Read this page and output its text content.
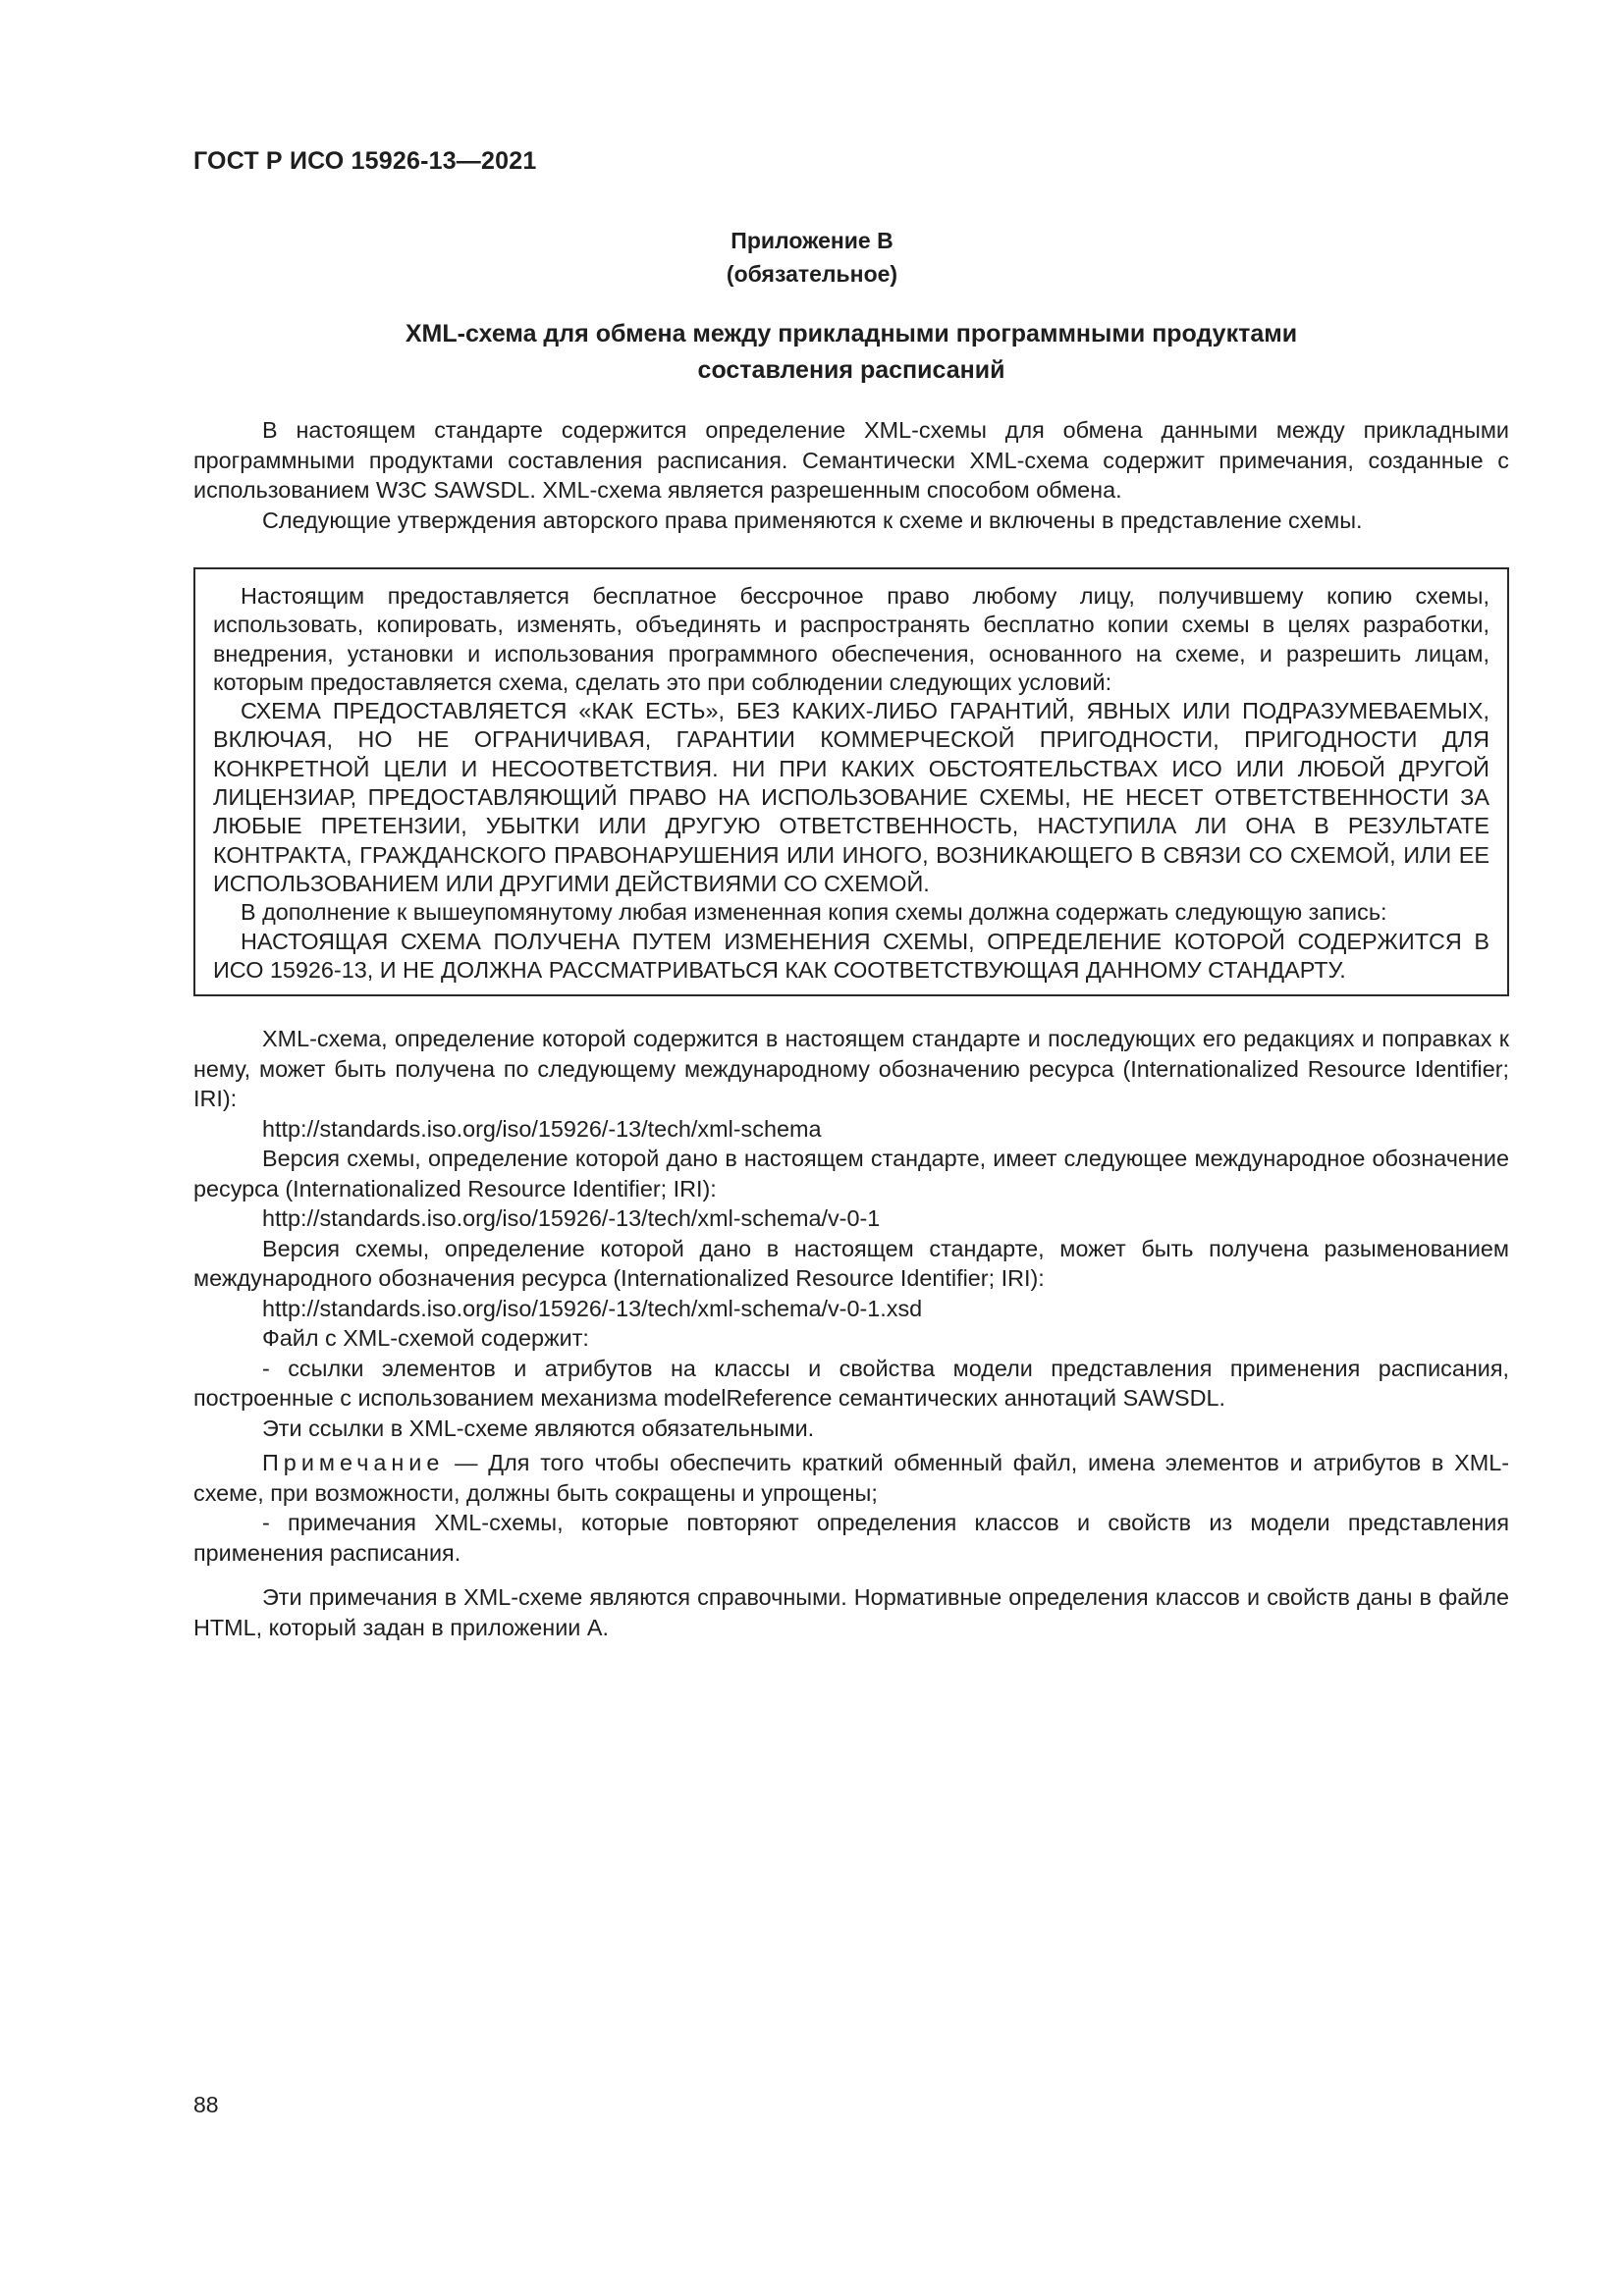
ГОСТ Р ИСО 15926-13—2021
Приложение В
(обязательное)
XML-схема для обмена между прикладными программными продуктами
составления расписаний

В настоящем стандарте содержится определение XML-схемы для обмена данными между прикладными программными продуктами составления расписания. Семантически XML-схема содержит примечания, созданные с использованием W3C SAWSDL. XML-схема является разрешенным способом обмена.

Следующие утверждения авторского права применяются к схеме и включены в представление схемы.

Настоящим предоставляется бесплатное бессрочное право любому лицу, получившему копию схемы, использовать, копировать, изменять, объединять и распространять бесплатно копии схемы в целях разработки, внедрения, установки и использования программного обеспечения, основанного на схеме, и разрешить лицам, которым предоставляется схема, сделать это при соблюдении следующих условий:

СХЕМА ПРЕДОСТАВЛЯЕТСЯ «КАК ЕСТЬ», БЕЗ КАКИХ-ЛИБО ГАРАНТИЙ, ЯВНЫХ ИЛИ ПОДРАЗУМЕВАЕМЫХ, ВКЛЮЧАЯ, НО НЕ ОГРАНИЧИВАЯ, ГАРАНТИИ КОММЕРЧЕСКОЙ ПРИГОДНОСТИ, ПРИГОДНОСТИ ДЛЯ КОНКРЕТНОЙ ЦЕЛИ И НЕСООТВЕТСТВИЯ. НИ ПРИ КАКИХ ОБСТОЯТЕЛЬСТВАХ ИСО ИЛИ ЛЮБОЙ ДРУГОЙ ЛИЦЕНЗИАР, ПРЕДОСТАВЛЯЮЩИЙ ПРАВО НА ИСПОЛЬЗОВАНИЕ СХЕМЫ, НЕ НЕСЕТ ОТВЕТСТВЕННОСТИ ЗА ЛЮБЫЕ ПРЕТЕНЗИИ, УБЫТКИ ИЛИ ДРУГУЮ ОТВЕТСТВЕННОСТЬ, НАСТУПИЛА ЛИ ОНА В РЕЗУЛЬТАТЕ КОНТРАКТА, ГРАЖДАНСКОГО ПРАВОНАРУШЕНИЯ ИЛИ ИНОГО, ВОЗНИКАЮЩЕГО В СВЯЗИ СО СХЕМОЙ, ИЛИ ЕЕ ИСПОЛЬЗОВАНИЕМ ИЛИ ДРУГИМИ ДЕЙСТВИЯМИ СО СХЕМОЙ.

В дополнение к вышеупомянутому любая измененная копия схемы должна содержать следующую запись:

НАСТОЯЩАЯ СХЕМА ПОЛУЧЕНА ПУТЕМ ИЗМЕНЕНИЯ СХЕМЫ, ОПРЕДЕЛЕНИЕ КОТОРОЙ СОДЕРЖИТСЯ В ИСО 15926-13, И НЕ ДОЛЖНА РАССМАТРИВАТЬСЯ КАК СООТВЕТСТВУЮЩАЯ ДАННОМУ СТАНДАРТУ.

XML-схема, определение которой содержится в настоящем стандарте и последующих его редакциях и поправках к нему, может быть получена по следующему международному обозначению ресурса (Internationalized Resource Identifier; IRI):

http://standards.iso.org/iso/15926/-13/tech/xml-schema

Версия схемы, определение которой дано в настоящем стандарте, имеет следующее международное обозначение ресурса (Internationalized Resource Identifier; IRI):

http://standards.iso.org/iso/15926/-13/tech/xml-schema/v-0-1

Версия схемы, определение которой дано в настоящем стандарте, может быть получена разыменованием международного обозначения ресурса (Internationalized Resource Identifier; IRI):

http://standards.iso.org/iso/15926/-13/tech/xml-schema/v-0-1.xsd

Файл с XML-схемой содержит:

- ссылки элементов и атрибутов на классы и свойства модели представления применения расписания, построенные с использованием механизма modelReference семантических аннотаций SAWSDL.

Эти ссылки в XML-схеме являются обязательными.

Примечание — Для того чтобы обеспечить краткий обменный файл, имена элементов и атрибутов в XML-схеме, при возможности, должны быть сокращены и упрощены;

- примечания XML-схемы, которые повторяют определения классов и свойств из модели представления применения расписания.

Эти примечания в XML-схеме являются справочными. Нормативные определения классов и свойств даны в файле HTML, который задан в приложении А.

88
